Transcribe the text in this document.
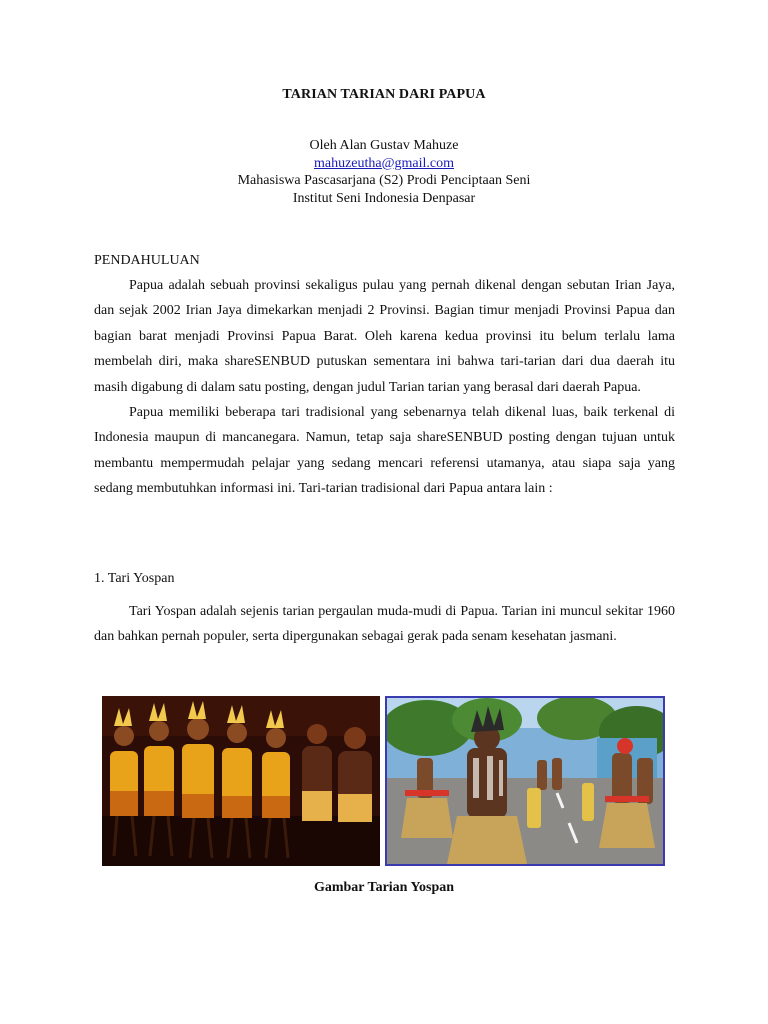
TARIAN TARIAN DARI PAPUA
Oleh Alan Gustav Mahuze
mahuzeutha@gmail.com
Mahasiswa Pascasarjana (S2) Prodi Penciptaan Seni
Institut Seni Indonesia Denpasar
PENDAHULUAN

Papua adalah sebuah provinsi sekaligus pulau yang pernah dikenal dengan sebutan Irian Jaya, dan sejak 2002 Irian Jaya dimekarkan menjadi 2 Provinsi. Bagian timur menjadi Provinsi Papua dan bagian barat menjadi Provinsi Papua Barat. Oleh karena kedua provinsi itu belum terlalu lama membelah diri, maka shareSENBUD putuskan sementara ini bahwa tari-tarian dari dua daerah itu masih digabung di dalam satu posting, dengan judul Tarian tarian yang berasal dari daerah Papua.

Papua memiliki beberapa tari tradisional yang sebenarnya telah dikenal luas, baik terkenal di Indonesia maupun di mancanegara. Namun, tetap saja shareSENBUD posting dengan tujuan untuk membantu mempermudah pelajar yang sedang mencari referensi utamanya, atau siapa saja yang sedang membutuhkan informasi ini. Tari-tarian tradisional dari Papua antara lain :

1. Tari Yospan

Tari Yospan adalah sejenis tarian pergaulan muda-mudi di Papua. Tarian ini muncul sekitar 1960 dan bahkan pernah populer, serta dipergunakan sebagai gerak pada senam kesehatan jasmani.

Gambar Tarian Yospan
